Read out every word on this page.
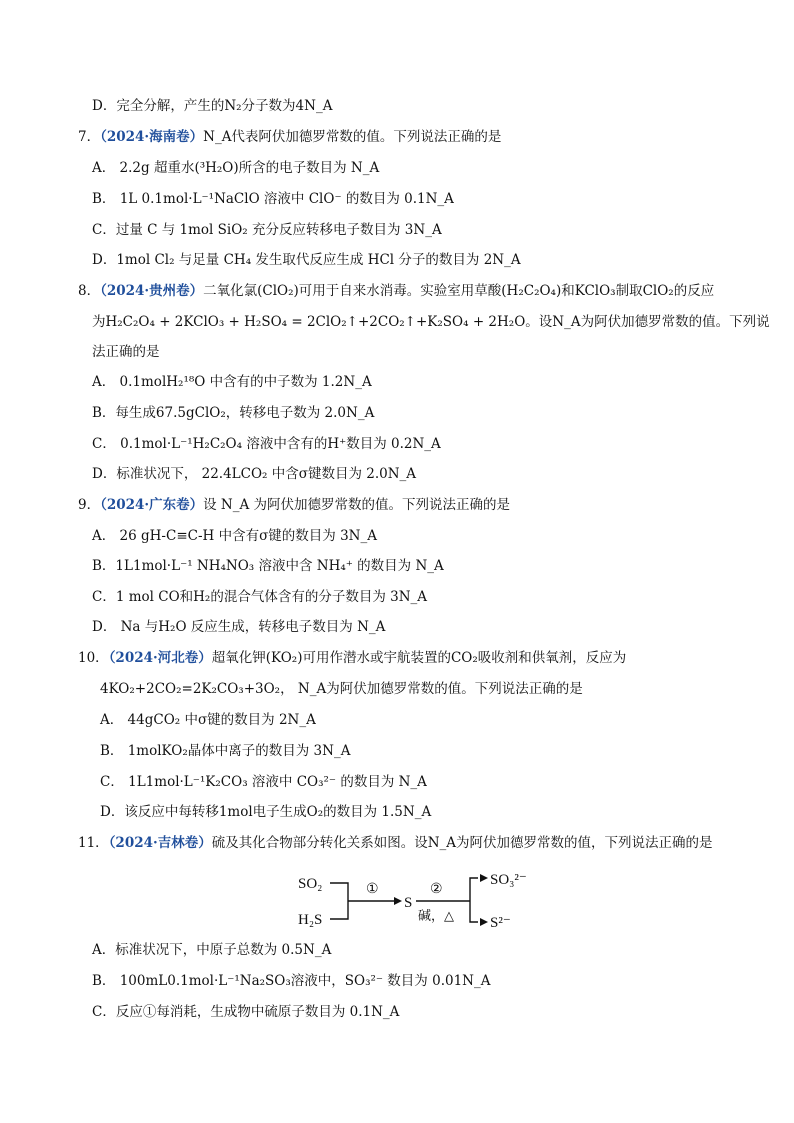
D．完全分解，产生的N₂分子数为4N_A
7．（2024·海南卷）N_A代表阿伏加德罗常数的值。下列说法正确的是
A． 2.2g 超重水(³H₂O)所含的电子数目为 N_A
B． 1L 0.1mol·L⁻¹NaClO 溶液中 ClO⁻ 的数目为 0.1N_A
C．过量 C 与 1mol SiO₂ 充分反应转移电子数目为 3N_A
D．1mol Cl₂ 与足量 CH₄ 发生取代反应生成 HCl 分子的数目为 2N_A
8．（2024·贵州卷）二氧化氯(ClO₂)可用于自来水消毒。实验室用草酸(H₂C₂O₄)和KClO₃制取ClO₂的反应
为H₂C₂O₄ + 2KClO₃ + H₂SO₄ = 2ClO₂↑+2CO₂↑+K₂SO₄ + 2H₂O。设N_A为阿伏加德罗常数的值。下列说
法正确的是
A． 0.1molH₂¹⁸O 中含有的中子数为 1.2N_A
B．每生成67.5gClO₂，转移电子数为 2.0N_A
C． 0.1mol·L⁻¹H₂C₂O₄ 溶液中含有的H⁺数目为 0.2N_A
D．标准状况下， 22.4LCO₂ 中含σ键数目为 2.0N_A
9．（2024·广东卷）设 N_A 为阿伏加德罗常数的值。下列说法正确的是
A． 26 gH-C≡C-H 中含有σ键的数目为 3N_A
B．1L1mol·L⁻¹ NH₄NO₃ 溶液中含 NH₄⁺ 的数目为 N_A
C．1 mol CO和H₂的混合气体含有的分子数目为 3N_A
D． Na 与H₂O 反应生成，转移电子数目为 N_A
10．（2024·河北卷）超氧化钾(KO₂)可用作潜水或宇航装置的CO₂吸收剂和供氧剂，反应为
4KO₂+2CO₂=2K₂CO₃+3O₂， N_A为阿伏加德罗常数的值。下列说法正确的是
A． 44gCO₂ 中σ键的数目为 2N_A
B． 1molKO₂晶体中离子的数目为 3N_A
C． 1L1mol·L⁻¹K₂CO₃ 溶液中 CO₃²⁻ 的数目为 N_A
D．该反应中每转移1mol电子生成O₂的数目为 1.5N_A
11．（2024·吉林卷）硫及其化合物部分转化关系如图。设N_A为阿伏加德罗常数的值，下列说法正确的是
SO₂
H₂S
①
S
②
碱，△
SO₃²⁻
S²⁻
A．标准状况下，中原子总数为 0.5N_A
B． 100mL0.1mol·L⁻¹Na₂SO₃溶液中，SO₃²⁻ 数目为 0.01N_A
C．反应①每消耗，生成物中硫原子数目为 0.1N_A
